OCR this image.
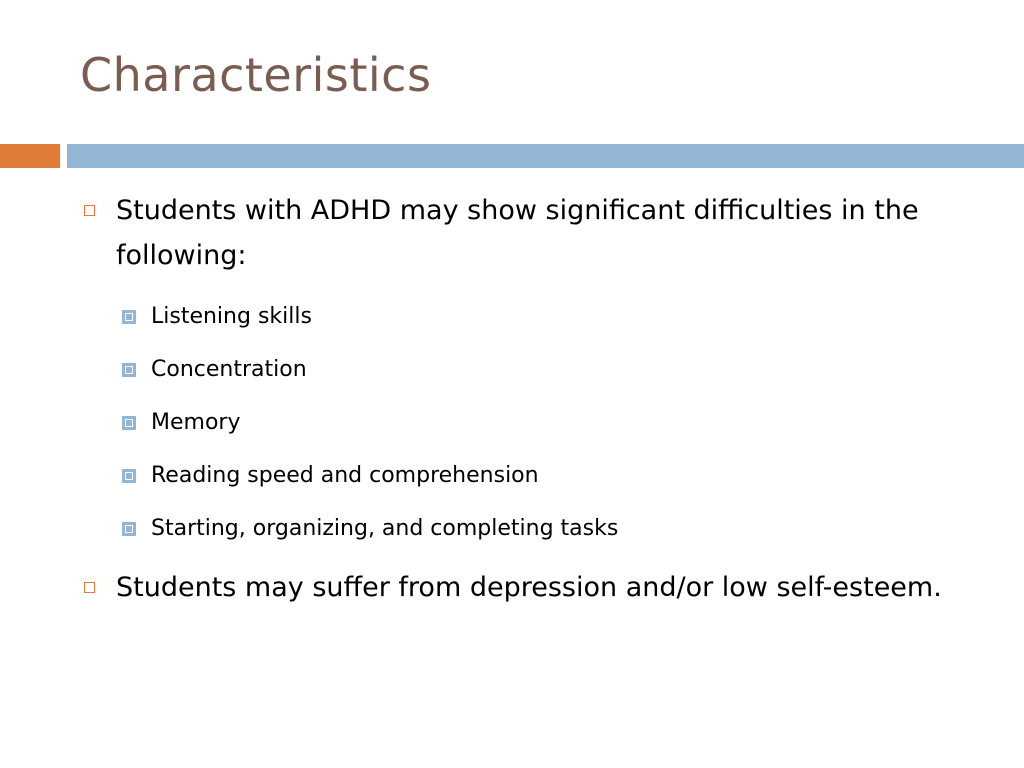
Characteristics
Students with ADHD may show significant difficulties in the following:
Listening skills
Concentration
Memory
Reading speed and comprehension
Starting, organizing, and completing tasks
Students may suffer from depression and/or low self-esteem.
